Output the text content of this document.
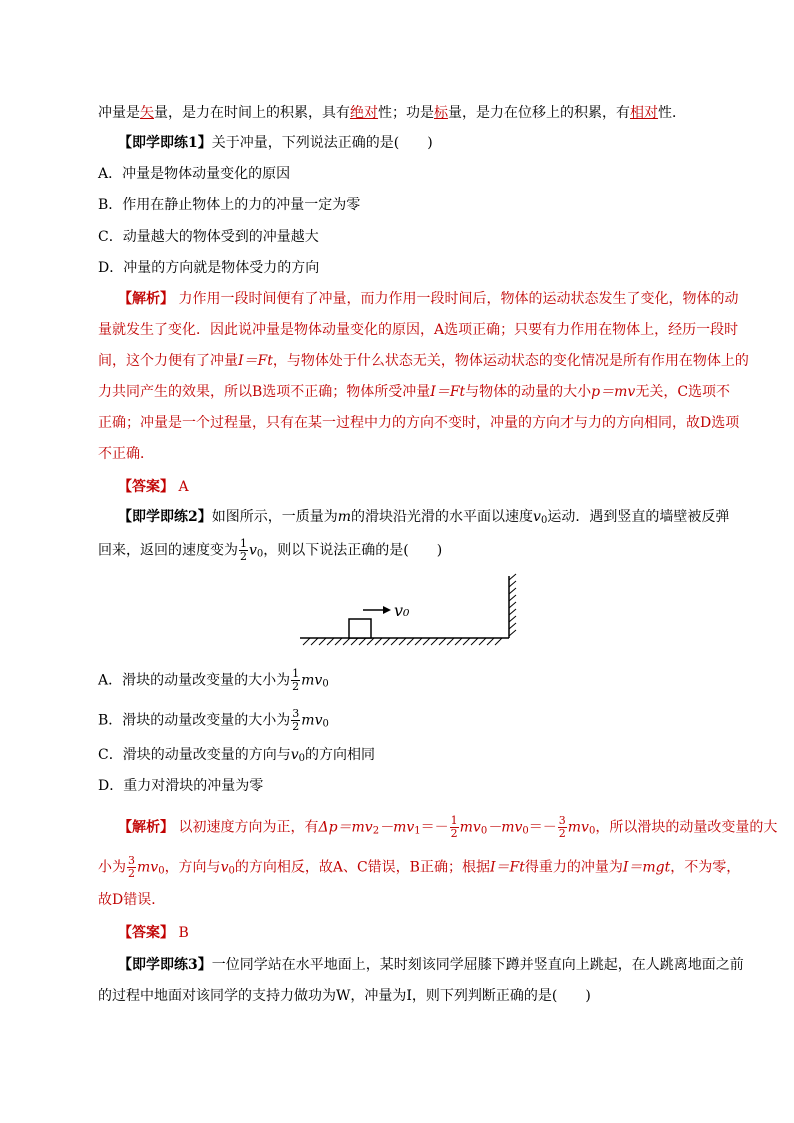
冲量是矢量，是力在时间上的积累，具有绝对性；功是标量，是力在位移上的积累，有相对性．
【即学即练1】关于冲量，下列说法正确的是(　　)
A．冲量是物体动量变化的原因
B．作用在静止物体上的力的冲量一定为零
C．动量越大的物体受到的冲量越大
D．冲量的方向就是物体受力的方向
【解析】 力作用一段时间便有了冲量，而力作用一段时间后，物体的运动状态发生了变化，物体的动
量就发生了变化．因此说冲量是物体动量变化的原因，A选项正确；只要有力作用在物体上，经历一段时
间，这个力便有了冲量I＝Ft，与物体处于什么状态无关，物体运动状态的变化情况是所有作用在物体上的
力共同产生的效果，所以B选项不正确；物体所受冲量I＝Ft与物体的动量的大小p＝mv无关，C选项不
正确；冲量是一个过程量，只有在某一过程中力的方向不变时，冲量的方向才与力的方向相同，故D选项
不正确．
【答案】 A
【即学即练2】如图所示，一质量为m的滑块沿光滑的水平面以速度$v_0$运动．遇到竖直的墙壁被反弹
回来，返回的速度变为 $\frac{1}{2} v_0$，则以下说法正确的是(　　)
v₀
A．滑块的动量改变量的大小为 $\frac{1}{2} mv_0$
B．滑块的动量改变量的大小为 $\frac{3}{2} mv_0$
C．滑块的动量改变量的方向与$v_0$的方向相同
D．重力对滑块的冲量为零
【解析】 以初速度方向为正，有$\Delta p=mv_2-mv_1=- \frac{1}{2} mv_0-mv_0=- \frac{3}{2} mv_0$，所以滑块的动量改变量的大
小为 $\frac{3}{2} mv_0$，方向与$v_0$的方向相反，故A、C错误，B正确；根据I＝Ft得重力的冲量为I＝mgt，不为零，
故D错误．
【答案】 B
【即学即练3】一位同学站在水平地面上，某时刻该同学屈膝下蹲并竖直向上跳起，在人跳离地面之前
的过程中地面对该同学的支持力做功为W，冲量为I，则下列判断正确的是(　　)
